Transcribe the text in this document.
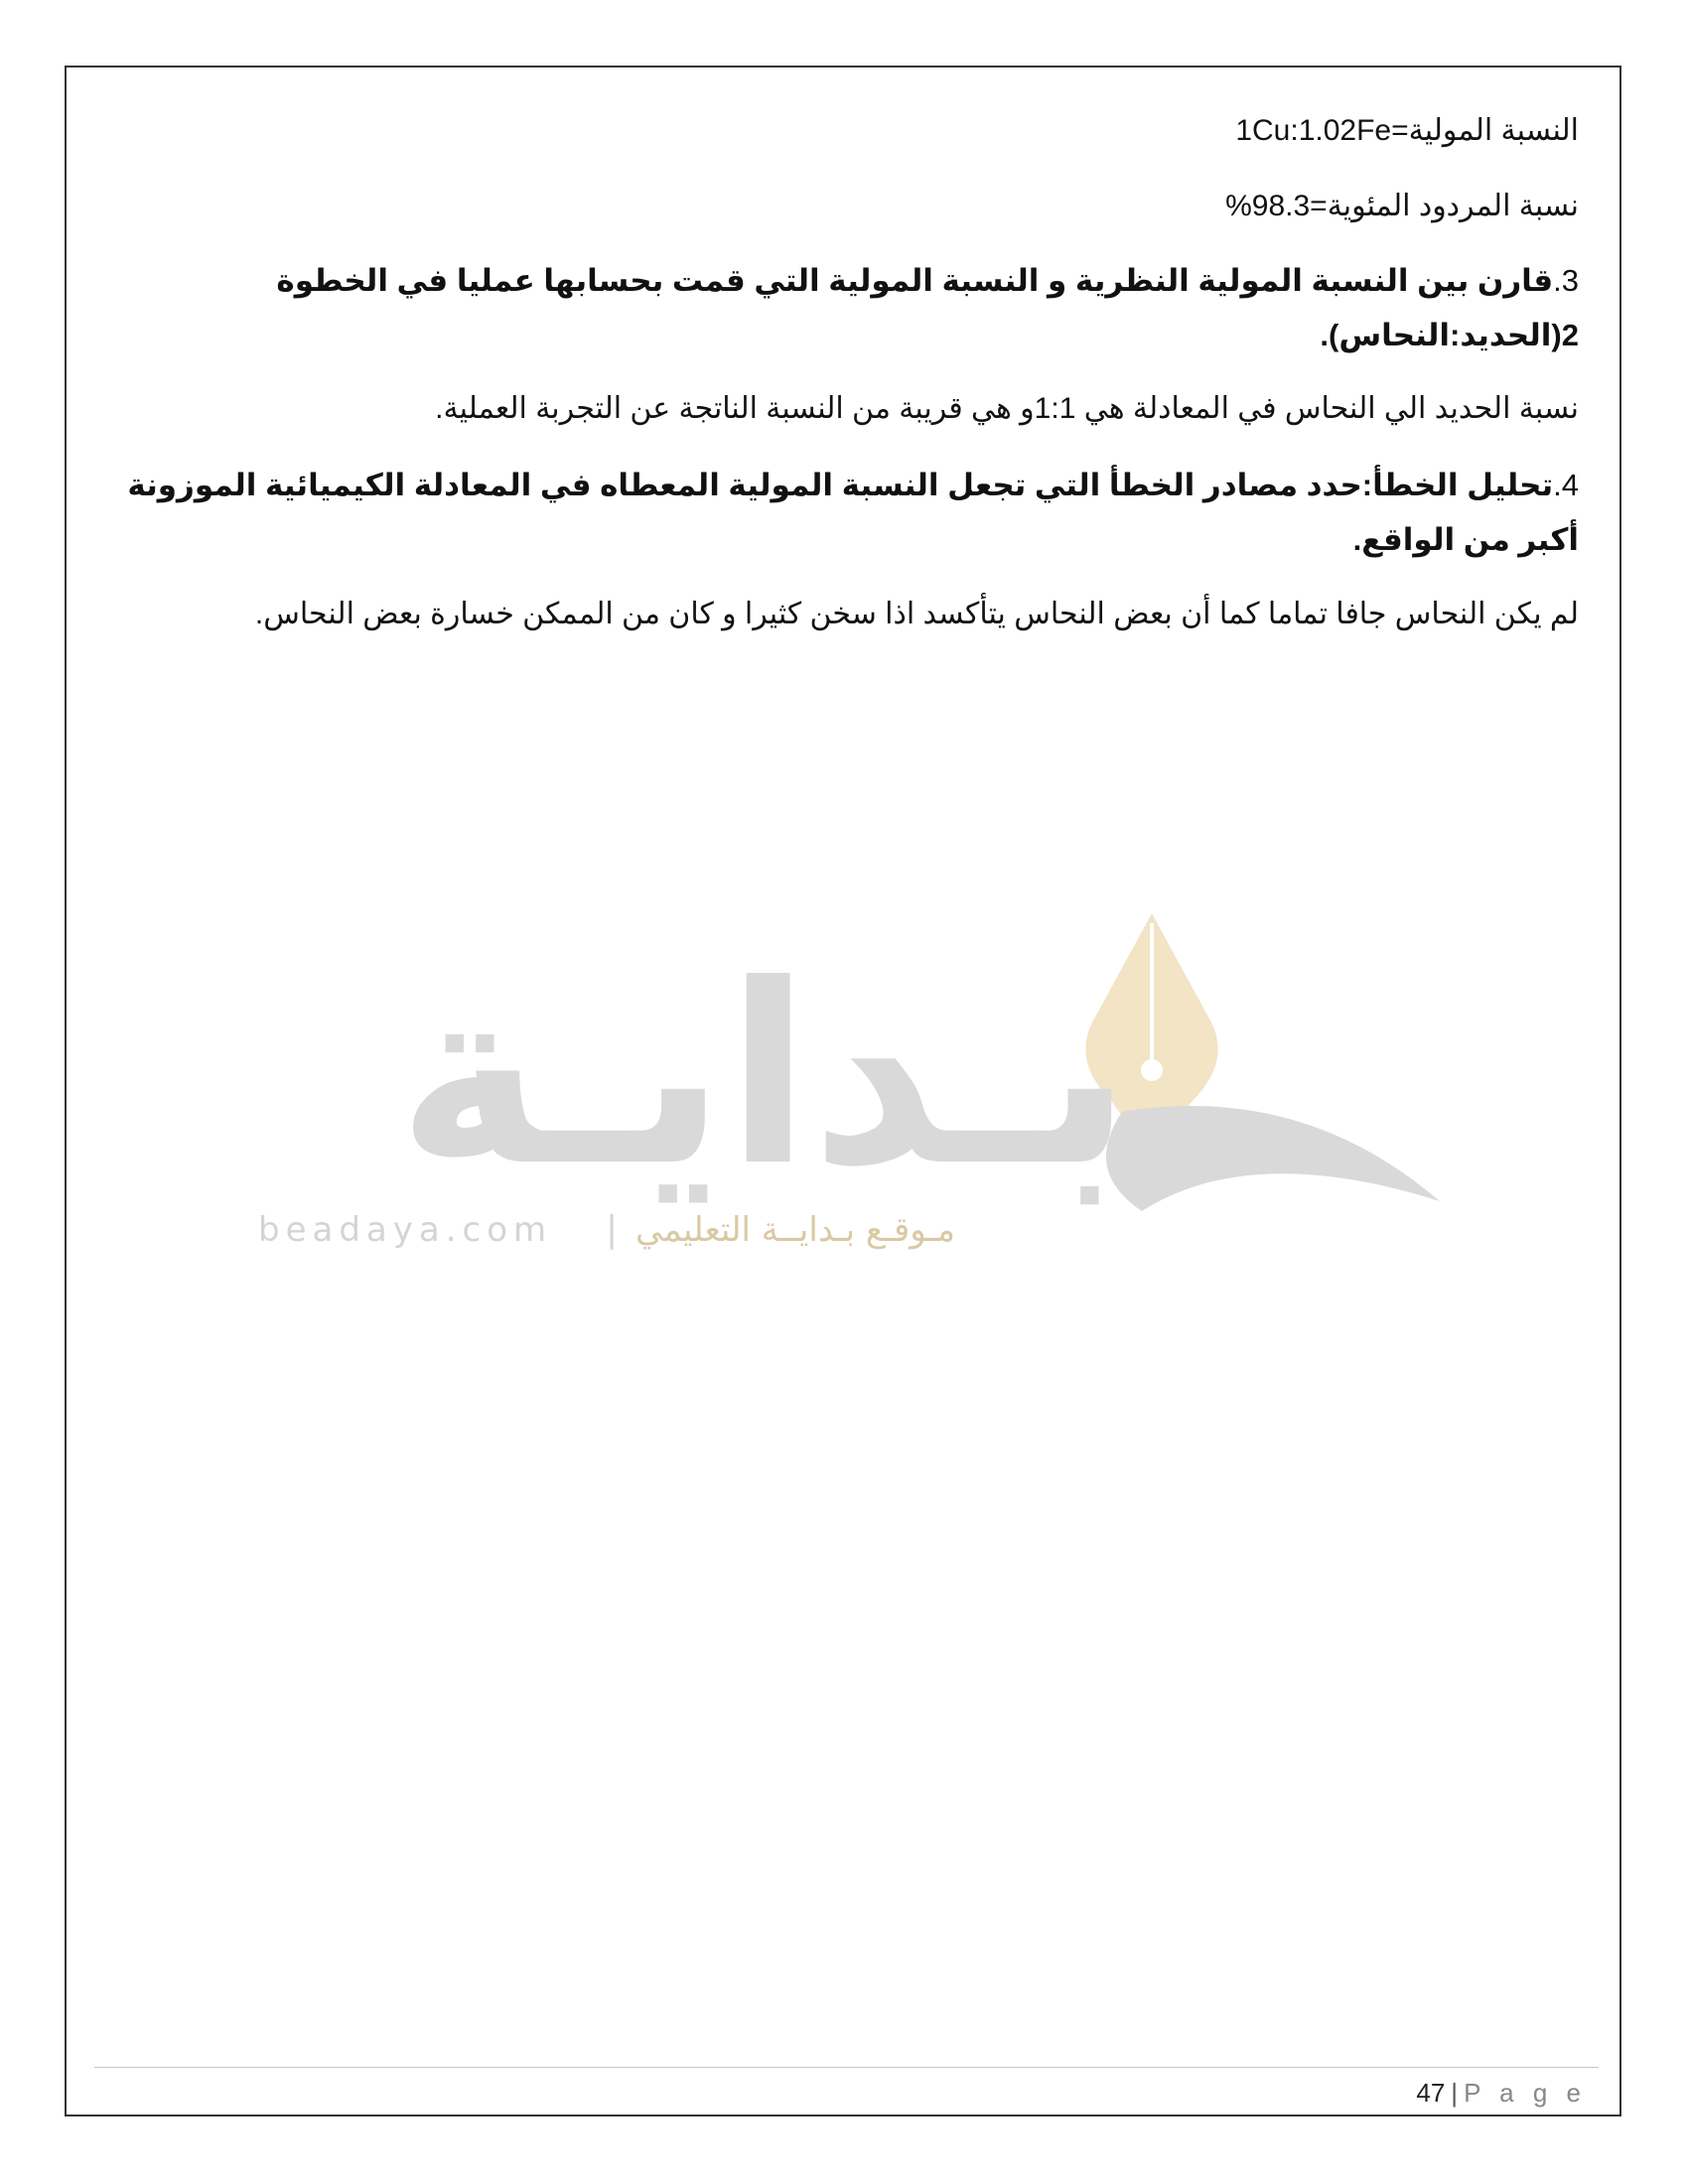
النسبة المولية=1Cu:1.02Fe

نسبة المردود المئوية=98.3%

3.قارن بين النسبة المولية النظرية و النسبة المولية التي قمت بحسابها عمليا في الخطوة 2(الحديد:النحاس).

نسبة الحديد الي النحاس في المعادلة هي 1:1و هي قريبة من النسبة الناتجة عن التجربة العملية.

4.تحليل الخطأ:حدد مصادر الخطأ التي تجعل النسبة المولية المعطاه في المعادلة الكيميائية الموزونة أكبر من الواقع.

لم يكن النحاس جافا تماما كما أن بعض النحاس يتأكسد اذا سخن كثيرا و كان من الممكن خسارة بعض النحاس.

بـدايـة
beadaya.com | مـوقـع بـدايــة التعليمي
47 | P a g e
